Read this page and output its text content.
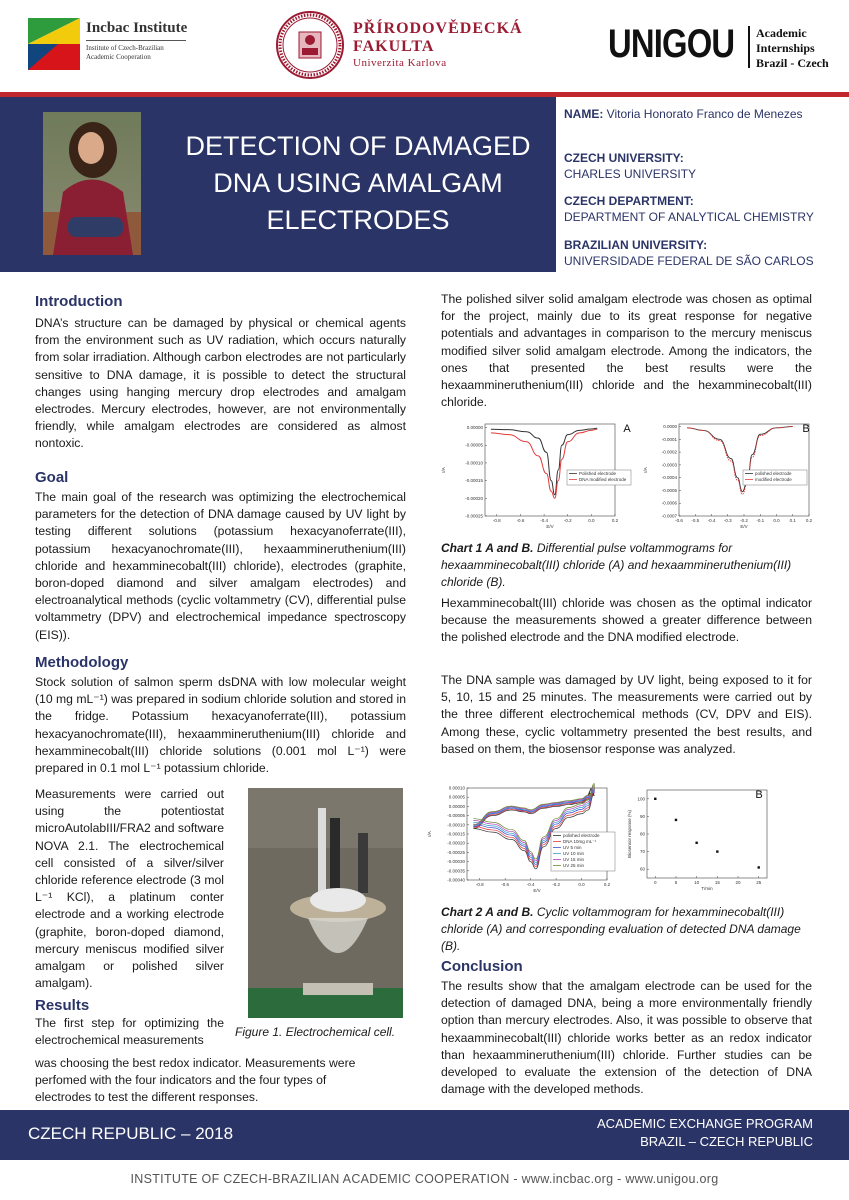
Incbac Institute
Institute of Czech-Brazilian
Academic Cooperation
PŘÍRODOVĚDECKÁ
FAKULTA
Univerzita Karlova	UNIGOU Academic
Internships
Brazil - Czech
DETECTION OF DAMAGED DNA USING AMALGAM ELECTRODES
NAME: Vitoria Honorato Franco de Menezes
CZECH UNIVERSITY:
CHARLES UNIVERSITY
CZECH DEPARTMENT:
DEPARTMENT OF ANALYTICAL CHEMISTRY
BRAZILIAN UNIVERSITY:
UNIVERSIDADE FEDERAL DE SÃO CARLOS
Introduction
DNA’s structure can be damaged by physical or chemical agents from the environment such as UV radiation, which occurs naturally from solar irradiation. Although carbon electrodes are not particularly sensitive to DNA damage, it is possible to detect the structural changes using hanging mercury drop electrodes and amalgam electrodes. Mercury electrodes, however, are not environmentally friendly, while amalgam electrodes are considered as almost nontoxic.
Goal
The main goal of the research was optimizing the electrochemical parameters for the detection of DNA damage caused by UV light by testing different solutions (potassium hexacyanoferrate(III), potassium hexacyanochromate(III), hexaammineruthenium(III) chloride and hexamminecobalt(III) chloride), electrodes (graphite, boron-doped diamond and silver amalgam electrodes) and electroanalytical methods (cyclic voltammetry (CV), differential pulse voltammetry (DPV) and electrochemical impedance spectroscopy (EIS)).
Methodology
Stock solution of salmon sperm dsDNA with low molecular weight (10 mg mL⁻¹) was prepared in sodium chloride solution and stored in the fridge. Potassium hexacyanoferrate(III), potassium hexacyanochromate(III), hexaammineruthenium(III) chloride and hexamminecobalt(III) chloride solutions (0.001 mol L⁻¹) were prepared in 0.1 mol L⁻¹ potassium chloride.
Measurements were carried out using the potentiostat microAutolabIII/FRA2 and software NOVA 2.1. The electrochemical cell consisted of a silver/silver chloride reference electrode (3 mol L⁻¹ KCl), a platinum conter electrode and a working electrode (graphite, boron-doped diamond, mercury meniscus modified silver amalgam or polished silver amalgam).
Figure 1. Electrochemical cell.
Results
The first step for optimizing the electrochemical measurements
was choosing the best redox indicator. Measurements were perfomed with the four indicators and the four types of electrodes to test the different responses.
The polished silver solid amalgam electrode was chosen as optimal for the project, mainly due to its great response for negative potentials and advantages in comparison to the mercury meniscus modified silver solid amalgam electrode. Among the indicators, the ones that presented the best results were the hexaammineruthenium(III) chloride and the hexamminecobalt(III) chloride.
-0.8	-0.6	-0.4	-0.2	0.0	0.2
0.00000
-0.00005
-0.00010
-0.00015
-0.00020
-0.00025
E/V
I/A
A
Polished electrode
DNA modified electrode
-0.6 -0.5 -0.4 -0.3 -0.2 -0.1 0.0 0.1 0.2
0.0000
-0.0001
-0.0002
-0.0003
-0.0004
-0.0005
-0.0006
-0.0007
E/V
I/A
B
polished electrode
modified electrode
Chart 1 A and B. Differential pulse voltammograms for hexaamminecobalt(III) chloride (A) and hexaammineruthenium(III) chloride (B).
Hexamminecobalt(III) chloride was chosen as the optimal indicator because the measurements showed a greater difference between the polished electrode and the DNA modified electrode.
The DNA sample was damaged by UV light, being exposed to it for 5, 10, 15 and 25 minutes. The measurements were carried out by the three different electrochemical methods (CV, DPV and EIS). Among these, cyclic voltammetry presented the best results, and based on them, the biosensor response was analyzed.
-0.8	-0.6	-0.4	-0.2	0.0	0.2
0.00010
0.00005
0.00000
-0.00005
-0.00010
-0.00015
-0.00020
-0.00025
-0.00030
-0.00035
-0.00040
E/V
I/A
A
polished electrode
DNA 10mg mL⁻¹
UV 5 min
UV 10 min
UV 15 min
UV 25 min
0	5	10	15	20	25
60
70
80
90
100
T/min
Biosensor response (%)
B
Chart 2 A and B. Cyclic voltammogram for hexamminecobalt(III) chloride (A) and corresponding evaluation of detected DNA damage (B).
Conclusion
The results show that the amalgam electrode can be used for the detection of damaged DNA, being a more environmentally friendly option than mercury electrodes. Also, it was possible to observe that hexaamminecobalt(III) chloride works better as an redox indicator than hexaammineruthenium(III) chloride. Further studies can be developed to evaluate the extension of the detection of DNA damage with the developed methods.
CZECH REPUBLIC – 2018
ACADEMIC EXCHANGE PROGRAM
BRAZIL – CZECH REPUBLIC
INSTITUTE OF CZECH-BRAZILIAN ACADEMIC COOPERATION - www.incbac.org - www.unigou.org
